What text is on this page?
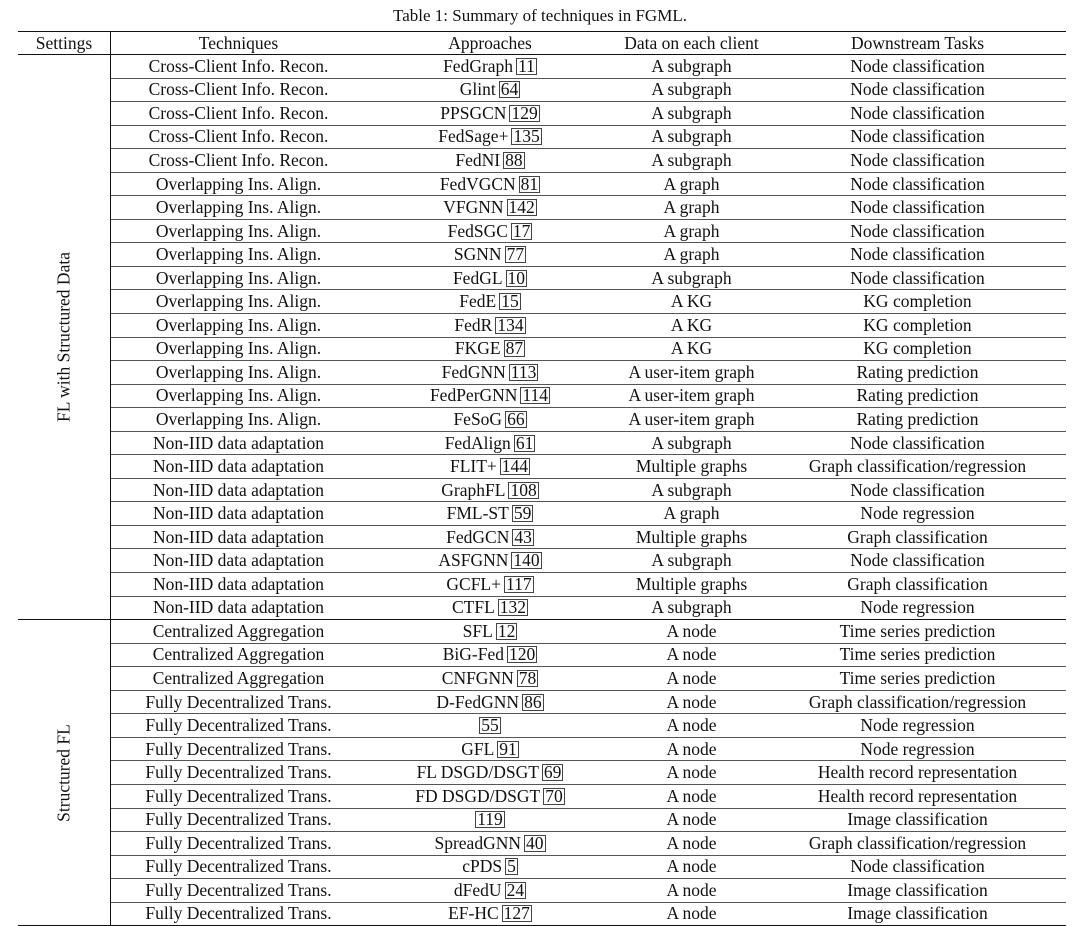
Table 1: Summary of techniques in FGML.
Settings	Techniques	Approaches	Data on each client	Downstream Tasks

FL with Structured Data	Cross-Client Info. Recon.	FedGraph 11	A subgraph	Node classification
	Cross-Client Info. Recon.	Glint 64	A subgraph	Node classification
	Cross-Client Info. Recon.	PPSGCN 129	A subgraph	Node classification
	Cross-Client Info. Recon.	FedSage+ 135	A subgraph	Node classification
	Cross-Client Info. Recon.	FedNI 88	A subgraph	Node classification
	Overlapping Ins. Align.	FedVGCN 81	A graph	Node classification
	Overlapping Ins. Align.	VFGNN 142	A graph	Node classification
	Overlapping Ins. Align.	FedSGC 17	A graph	Node classification
	Overlapping Ins. Align.	SGNN 77	A graph	Node classification
	Overlapping Ins. Align.	FedGL 10	A subgraph	Node classification
	Overlapping Ins. Align.	FedE 15	A KG	KG completion
	Overlapping Ins. Align.	FedR 134	A KG	KG completion
	Overlapping Ins. Align.	FKGE 87	A KG	KG completion
	Overlapping Ins. Align.	FedGNN 113	A user-item graph	Rating prediction
	Overlapping Ins. Align.	FedPerGNN 114	A user-item graph	Rating prediction
	Overlapping Ins. Align.	FeSoG 66	A user-item graph	Rating prediction
	Non-IID data adaptation	FedAlign 61	A subgraph	Node classification
	Non-IID data adaptation	FLIT+ 144	Multiple graphs	Graph classification/regression
	Non-IID data adaptation	GraphFL 108	A subgraph	Node classification
	Non-IID data adaptation	FML-ST 59	A graph	Node regression
	Non-IID data adaptation	FedGCN 43	Multiple graphs	Graph classification
	Non-IID data adaptation	ASFGNN 140	A subgraph	Node classification
	Non-IID data adaptation	GCFL+ 117	Multiple graphs	Graph classification
	Non-IID data adaptation	CTFL 132	A subgraph	Node regression

Structured FL	Centralized Aggregation	SFL 12	A node	Time series prediction
	Centralized Aggregation	BiG-Fed 120	A node	Time series prediction
	Centralized Aggregation	CNFGNN 78	A node	Time series prediction
	Fully Decentralized Trans.	D-FedGNN 86	A node	Graph classification/regression
	Fully Decentralized Trans.	55	A node	Node regression
	Fully Decentralized Trans.	GFL 91	A node	Node regression
	Fully Decentralized Trans.	FL DSGD/DSGT 69	A node	Health record representation
	Fully Decentralized Trans.	FD DSGD/DSGT 70	A node	Health record representation
	Fully Decentralized Trans.	119	A node	Image classification
	Fully Decentralized Trans.	SpreadGNN 40	A node	Graph classification/regression
	Fully Decentralized Trans.	cPDS 5	A node	Node classification
	Fully Decentralized Trans.	dFedU 24	A node	Image classification
	Fully Decentralized Trans.	EF-HC 127	A node	Image classification
